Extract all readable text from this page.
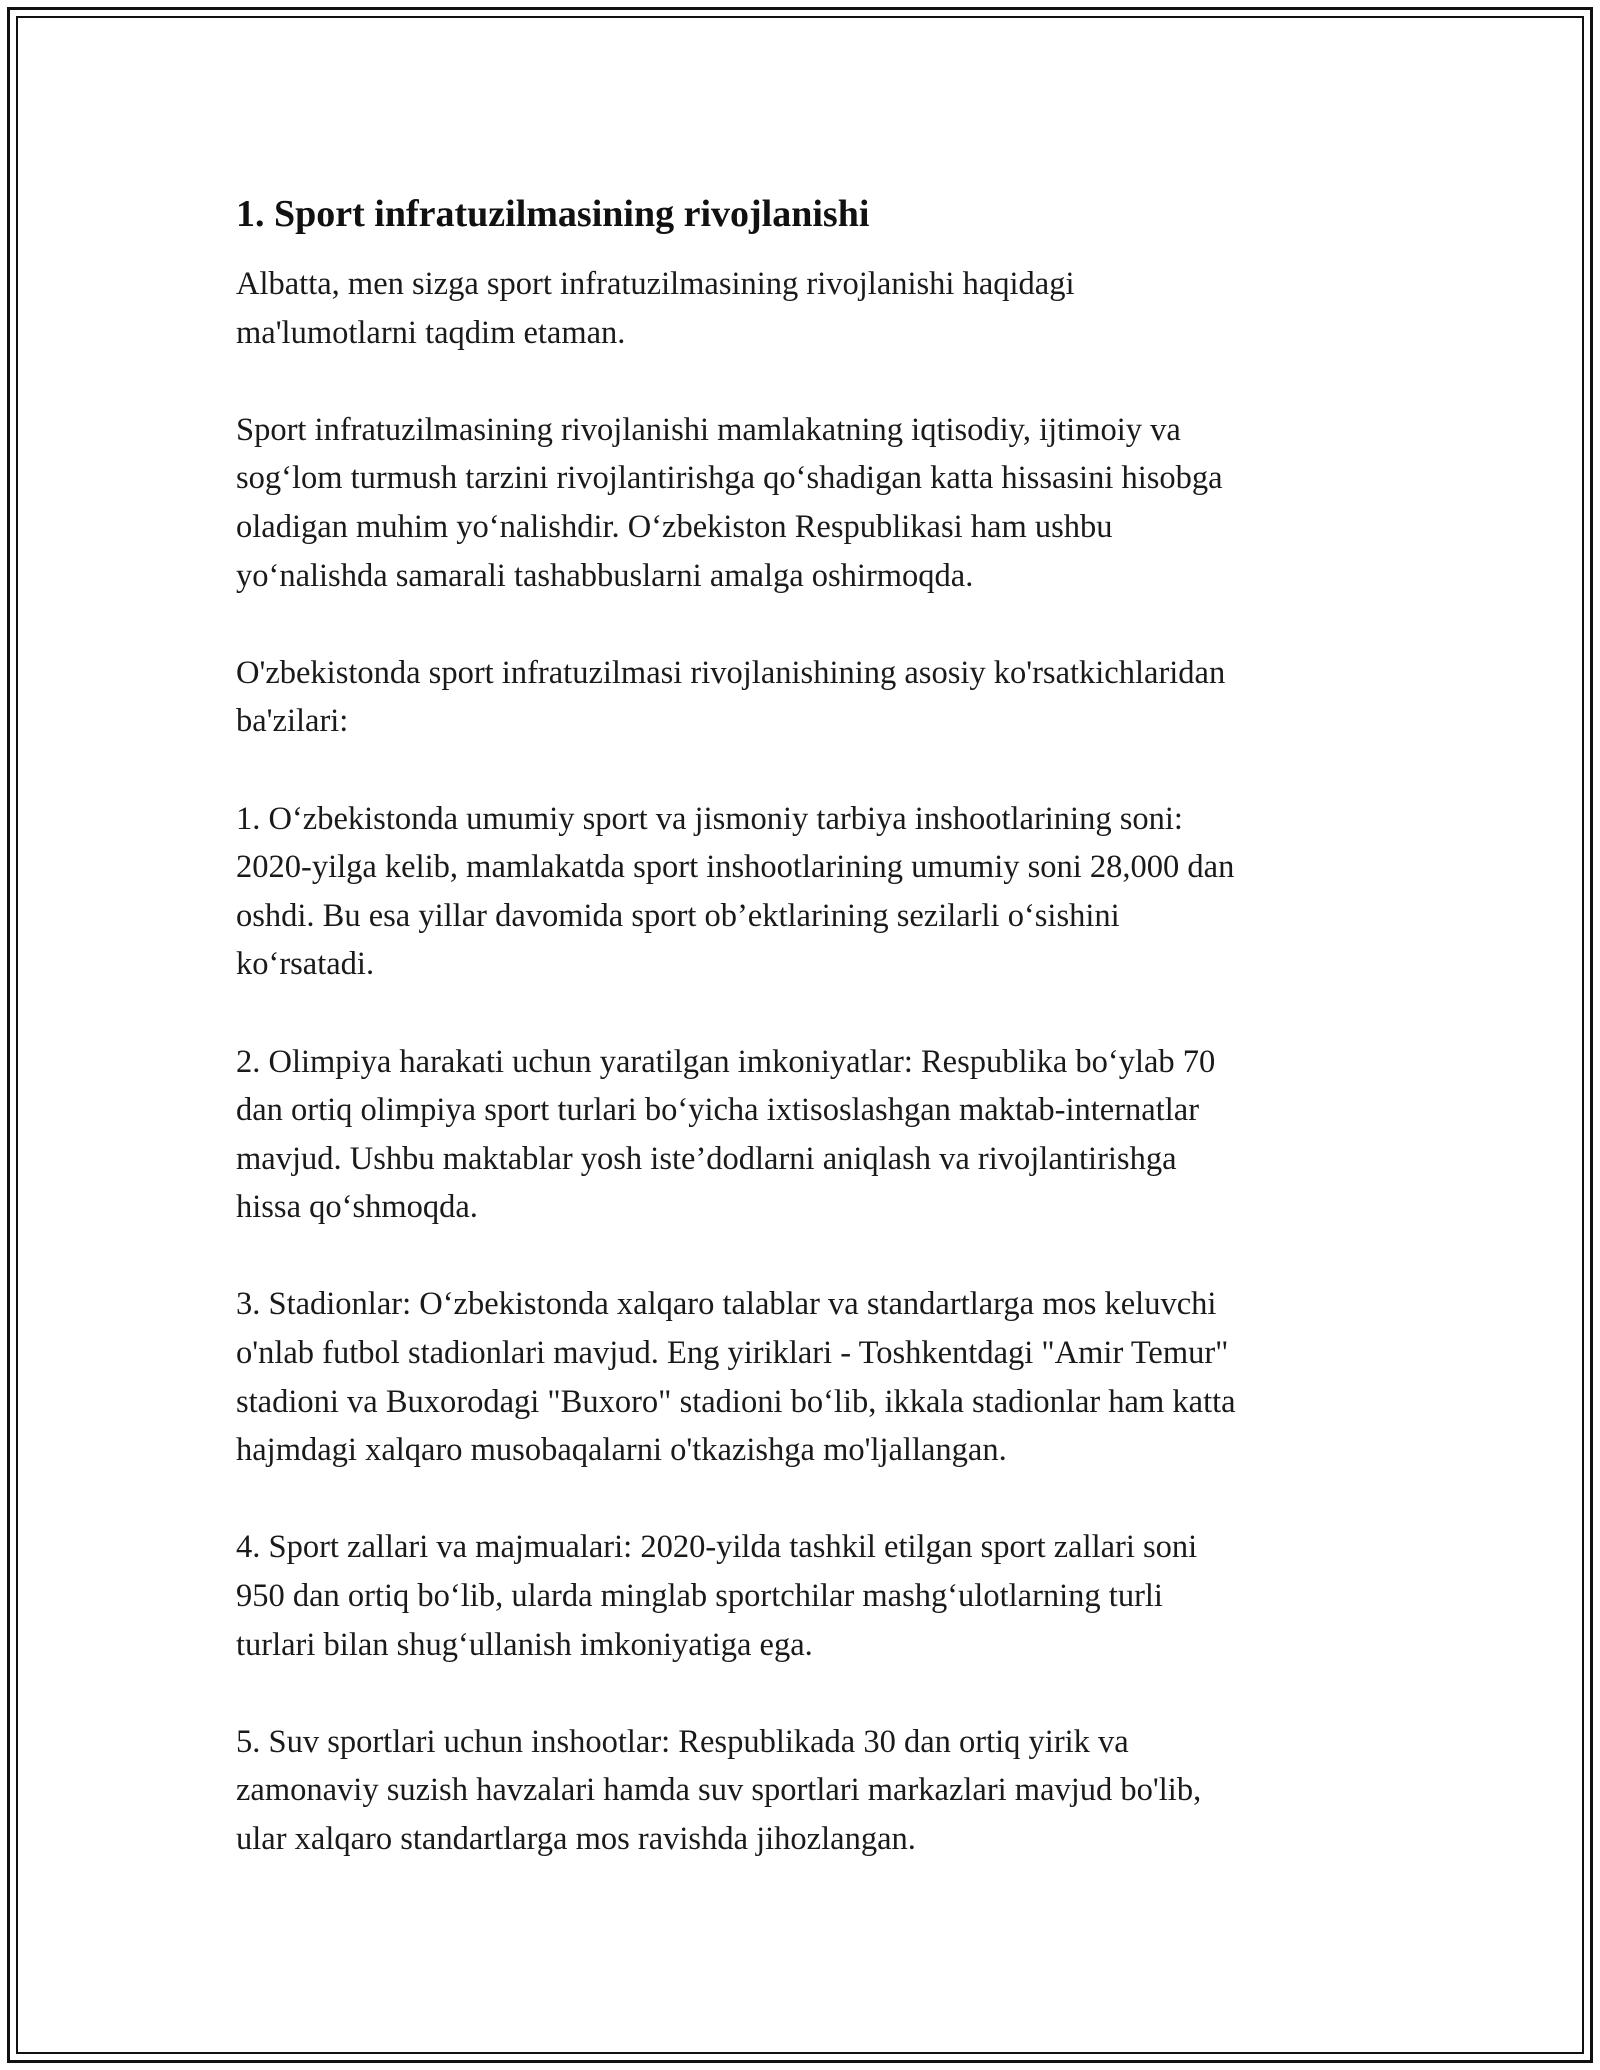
1. Sport infratuzilmasining rivojlanishi

Albatta, men sizga sport infratuzilmasining rivojlanishi haqidagi
ma'lumotlarni taqdim etaman.

Sport infratuzilmasining rivojlanishi mamlakatning iqtisodiy, ijtimoiy va
sog‘lom turmush tarzini rivojlantirishga qo‘shadigan katta hissasini hisobga
oladigan muhim yo‘nalishdir. O‘zbekiston Respublikasi ham ushbu
yo‘nalishda samarali tashabbuslarni amalga oshirmoqda.

O'zbekistonda sport infratuzilmasi rivojlanishining asosiy ko'rsatkichlaridan
ba'zilari:

1. O‘zbekistonda umumiy sport va jismoniy tarbiya inshootlarining soni:
2020-yilga kelib, mamlakatda sport inshootlarining umumiy soni 28,000 dan
oshdi. Bu esa yillar davomida sport ob’ektlarining sezilarli o‘sishini
ko‘rsatadi.

2. Olimpiya harakati uchun yaratilgan imkoniyatlar: Respublika bo‘ylab 70
dan ortiq olimpiya sport turlari bo‘yicha ixtisoslashgan maktab-internatlar
mavjud. Ushbu maktablar yosh iste’dodlarni aniqlash va rivojlantirishga
hissa qo‘shmoqda.

3. Stadionlar: O‘zbekistonda xalqaro talablar va standartlarga mos keluvchi
o'nlab futbol stadionlari mavjud. Eng yiriklari - Toshkentdagi "Amir Temur"
stadioni va Buxorodagi "Buxoro" stadioni bo‘lib, ikkala stadionlar ham katta
hajmdagi xalqaro musobaqalarni o'tkazishga mo'ljallangan.

4. Sport zallari va majmualari: 2020-yilda tashkil etilgan sport zallari soni
950 dan ortiq bo‘lib, ularda minglab sportchilar mashg‘ulotlarning turli
turlari bilan shug‘ullanish imkoniyatiga ega.

5. Suv sportlari uchun inshootlar: Respublikada 30 dan ortiq yirik va
zamonaviy suzish havzalari hamda suv sportlari markazlari mavjud bo'lib,
ular xalqaro standartlarga mos ravishda jihozlangan.
